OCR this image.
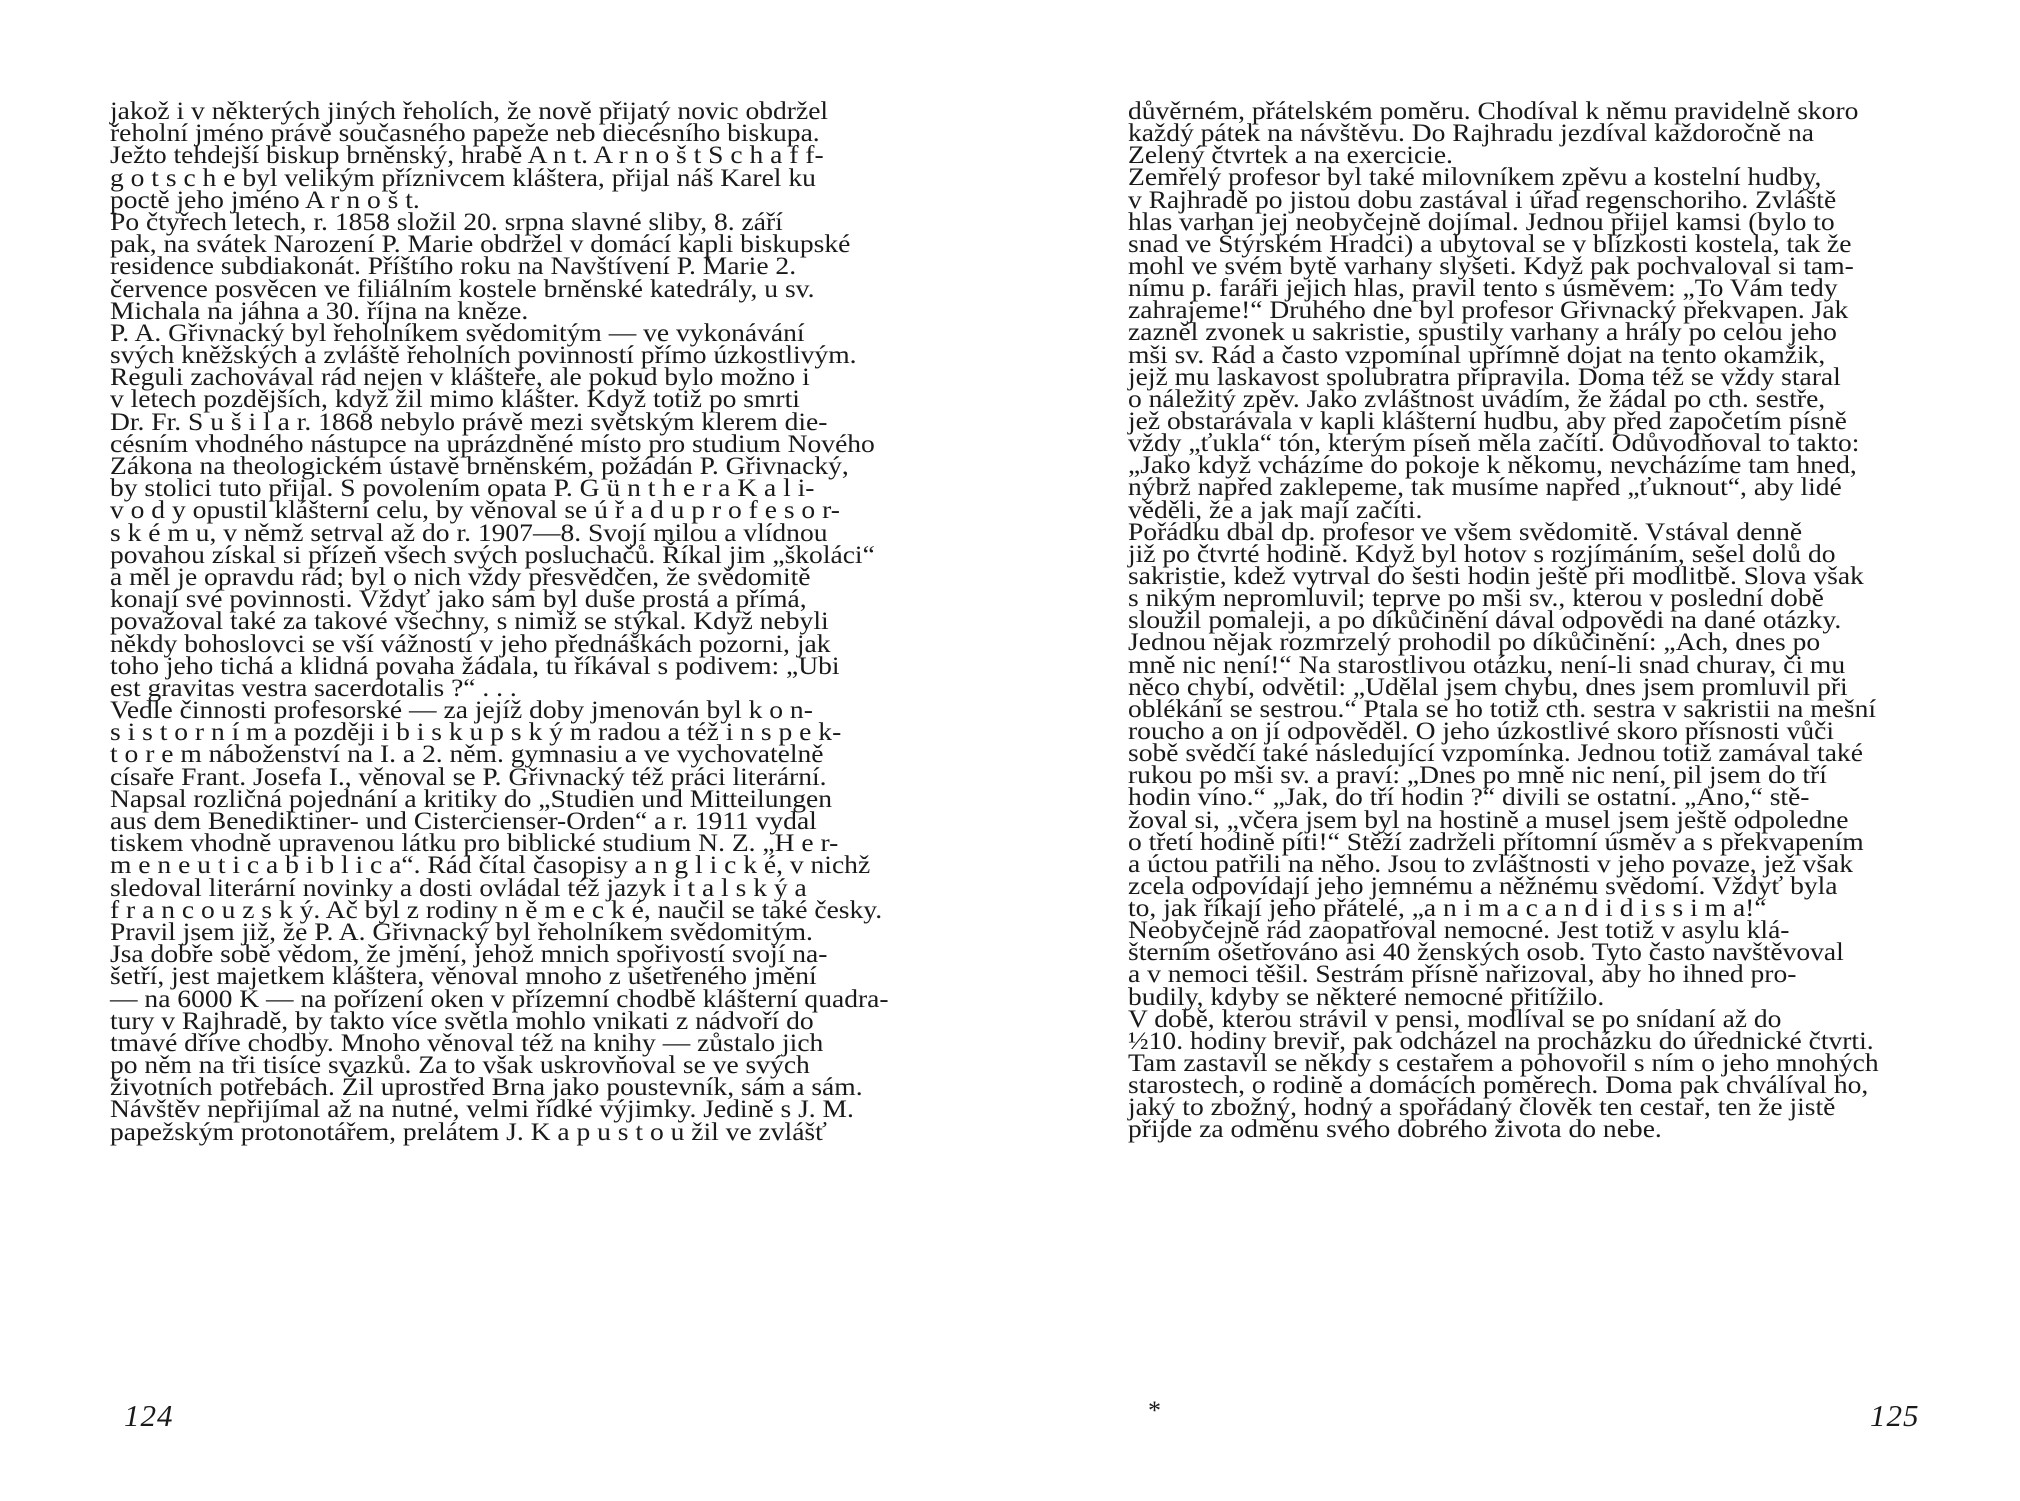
jakož i v některých jiných řeholích, že nově přijatý novic obdržel
řeholní jméno právě současného papeže neb diecésního biskupa.
Ježto tehdejší biskup brněnský, hrabě A n t. A r n o š t S c h a f f-
g o t s c h e byl velikým příznivcem kláštera, přijal náš Karel ku
poctě jeho jméno A r n o š t.
Po čtyřech letech, r. 1858 složil 20. srpna slavné sliby, 8. září
pak, na svátek Narození P. Marie obdržel v domácí kapli biskupské
residence subdiakonát. Příštího roku na Navštívení P. Marie 2.
července posvěcen ve filiálním kostele brněnské katedrály, u sv.
Michala na jáhna a 30. října na kněze.
P. A. Gřivnacký byl řeholníkem svědomitým — ve vykonávání
svých kněžských a zvláště řeholních povinností přímo úzkostlivým.
Reguli zachovával rád nejen v klášteře, ale pokud bylo možno i
v letech pozdějších, když žil mimo klášter. Když totiž po smrti
Dr. Fr. S u š i l a r. 1868 nebylo právě mezi světským klerem die-
césním vhodného nástupce na uprázdněné místo pro studium Nového
Zákona na theologickém ústavě brněnském, požádán P. Gřivnacký,
by stolici tuto přijal. S povolením opata P. G ü n t h e r a K a l i-
v o d y opustil klášterní celu, by věnoval se ú ř a d u p r o f e s o r-
s k é m u, v němž setrval až do r. 1907—8. Svojí milou a vlídnou
povahou získal si přízeň všech svých posluchačů. Říkal jim „školáci“
a měl je opravdu rád; byl o nich vždy přesvědčen, že svědomitě
konají své povinnosti. Vždyť jako sám byl duše prostá a přímá,
považoval také za takové všechny, s nimiž se stýkal. Když nebyli
někdy bohoslovci se vší vážností v jeho přednáškách pozorni, jak
toho jeho tichá a klidná povaha žádala, tu říkával s podivem: „Ubi
est gravitas vestra sacerdotalis ?“ . . .
Vedle činnosti profesorské — za jejíž doby jmenován byl k o n-
s i s t o r n í m a později i b i s k u p s k ý m radou a též i n s p e k-
t o r e m náboženství na I. a 2. něm. gymnasiu a ve vychovatelně
císaře Frant. Josefa I., věnoval se P. Gřivnacký též práci literární.
Napsal rozličná pojednání a kritiky do „Studien und Mitteilungen
aus dem Benediktiner- und Cistercienser-Orden“ a r. 1911 vydal
tiskem vhodně upravenou látku pro biblické studium N. Z. „H e r-
m e n e u t i c a b i b l i c a“. Rád čítal časopisy a n g l i c k é, v nichž
sledoval literární novinky a dosti ovládal též jazyk i t a l s k ý a
f r a n c o u z s k ý. Ač byl z rodiny n ě m e c k é, naučil se také česky.
Pravil jsem již, že P. A. Gřivnacký byl řeholníkem svědomitým.
Jsa dobře sobě vědom, že jmění, jehož mnich spořivostí svojí na-
šetří, jest majetkem kláštera, věnoval mnoho z ušetřeného jmění
— na 6000 K — na pořízení oken v přízemní chodbě klášterní quadra-
tury v Rajhradě, by takto více světla mohlo vnikati z nádvoří do
tmavé dříve chodby. Mnoho věnoval též na knihy — zůstalo jich
po něm na tři tisíce svazků. Za to však uskrovňoval se ve svých
životních potřebách. Žil uprostřed Brna jako poustevník, sám a sám.
Návštěv nepřijímal až na nutné, velmi řídké výjimky. Jedině s J. M.
papežským protonotářem, prelátem J. K a p u s t o u žil ve zvlášť
důvěrném, přátelském poměru. Chodíval k němu pravidelně skoro
každý pátek na návštěvu. Do Rajhradu jezdíval každoročně na
Zelený čtvrtek a na exercicie.
Zemřelý profesor byl také milovníkem zpěvu a kostelní hudby,
v Rajhradě po jistou dobu zastával i úřad regenschoriho. Zvláště
hlas varhan jej neobyčejně dojímal. Jednou přijel kamsi (bylo to
snad ve Štýrském Hradci) a ubytoval se v blízkosti kostela, tak že
mohl ve svém bytě varhany slyšeti. Když pak pochvaloval si tam-
nímu p. faráři jejich hlas, pravil tento s úsměvem: „To Vám tedy
zahrajeme!“ Druhého dne byl profesor Gřivnacký překvapen. Jak
zazněl zvonek u sakristie, spustily varhany a hrály po celou jeho
mši sv. Rád a často vzpomínal upřímně dojat na tento okamžik,
jejž mu laskavost spolubratra připravila. Doma též se vždy staral
o náležitý zpěv. Jako zvláštnost uvádím, že žádal po cth. sestře,
jež obstarávala v kapli klášterní hudbu, aby před započetím písně
vždy „ťukla“ tón, kterým píseň měla začíti. Odůvodňoval to takto:
„Jako když vcházíme do pokoje k někomu, nevcházíme tam hned,
nýbrž napřed zaklepeme, tak musíme napřed „ťuknout“, aby lidé
věděli, že a jak mají začíti.
Pořádku dbal dp. profesor ve všem svědomitě. Vstával denně
již po čtvrté hodině. Když byl hotov s rozjímáním, sešel dolů do
sakristie, kdež vytrval do šesti hodin ještě při modlitbě. Slova však
s nikým nepromluvil; teprve po mši sv., kterou v poslední době
sloužil pomaleji, a po díkůčinění dával odpovědi na dané otázky.
Jednou nějak rozmrzelý prohodil po díkůčinění: „Ach, dnes po
mně nic není!“ Na starostlivou otázku, není-li snad churav, či mu
něco chybí, odvětil: „Udělal jsem chybu, dnes jsem promluvil při
oblékání se sestrou.“ Ptala se ho totiž cth. sestra v sakristii na mešní
roucho a on jí odpověděl. O jeho úzkostlivé skoro přísnosti vůči
sobě svědčí také následující vzpomínka. Jednou totiž zamával také
rukou po mši sv. a praví: „Dnes po mně nic není, pil jsem do tří
hodin víno.“ „Jak, do tří hodin ?“ divili se ostatní. „Ano,“ stě-
žoval si, „včera jsem byl na hostině a musel jsem ještě odpoledne
o třetí hodině píti!“ Stěží zadrželi přítomní úsměv a s překvapením
a úctou patřili na něho. Jsou to zvláštnosti v jeho povaze, jež však
zcela odpovídají jeho jemnému a něžnému svědomí. Vždyť byla
to, jak říkají jeho přátelé, „a n i m a c a n d i d i s s i m a!“
Neobyčejně rád zaopatřoval nemocné. Jest totiž v asylu klá-
šterním ošetřováno asi 40 ženských osob. Tyto často navštěvoval
a v nemoci těšil. Sestrám přísně nařizoval, aby ho ihned pro-
budily, kdyby se některé nemocné přitížilo.
V době, kterou strávil v pensi, modlíval se po snídaní až do
½10. hodiny breviř, pak odcházel na procházku do úřednické čtvrti.
Tam zastavil se někdy s cestařem a pohovořil s ním o jeho mnohých
starostech, o rodině a domácích poměrech. Doma pak chválíval ho,
jaký to zbožný, hodný a spořádaný člověk ten cestař, ten že jistě
přijde za odměnu svého dobrého života do nebe.
124	*	125
